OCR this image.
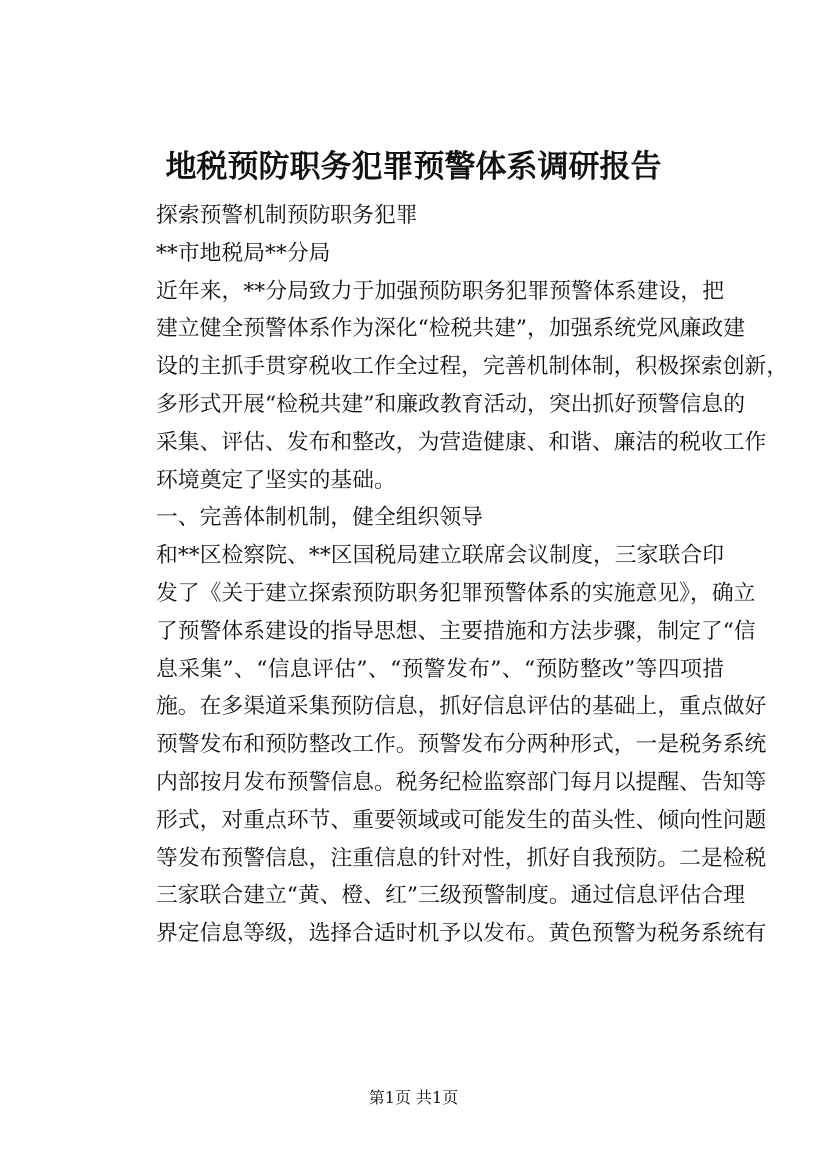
地税预防职务犯罪预警体系调研报告

探索预警机制预防职务犯罪

**市地税局**分局

近年来，**分局致力于加强预防职务犯罪预警体系建设，把
建立健全预警体系作为深化“检税共建”，加强系统党风廉政建
设的主抓手贯穿税收工作全过程，完善机制体制，积极探索创新，
多形式开展“检税共建”和廉政教育活动，突出抓好预警信息的
采集、评估、发布和整改，为营造健康、和谐、廉洁的税收工作
环境奠定了坚实的基础。

一、完善体制机制，健全组织领导

和**区检察院、**区国税局建立联席会议制度，三家联合印
发了《关于建立探索预防职务犯罪预警体系的实施意见》，确立
了预警体系建设的指导思想、主要措施和方法步骤，制定了“信
息采集”、“信息评估”、“预警发布”、“预防整改”等四项措
施。在多渠道采集预防信息，抓好信息评估的基础上，重点做好
预警发布和预防整改工作。预警发布分两种形式，一是税务系统
内部按月发布预警信息。税务纪检监察部门每月以提醒、告知等
形式，对重点环节、重要领域或可能发生的苗头性、倾向性问题
等发布预警信息，注重信息的针对性，抓好自我预防。二是检税
三家联合建立“黄、橙、红”三级预警制度。通过信息评估合理
界定信息等级，选择合适时机予以发布。黄色预警为税务系统有

第1页 共1页
